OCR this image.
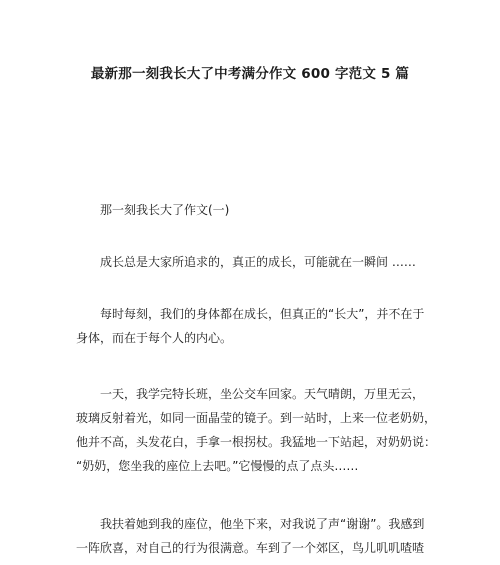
最新那一刻我长大了中考满分作文 600 字范文 5 篇
那一刻我长大了作文(一)
成长总是大家所追求的，真正的成长，可能就在一瞬间 ……
每时每刻，我们的身体都在成长，但真正的“长大”，并不在于
身体，而在于每个人的内心。
一天，我学完特长班，坐公交车回家。天气晴朗，万里无云，
玻璃反射着光，如同一面晶莹的镜子。到一站时，上来一位老奶奶，
他并不高，头发花白，手拿一根拐杖。我猛地一下站起，对奶奶说：
“奶奶，您坐我的座位上去吧。”它慢慢的点了点头……
我扶着她到我的座位，他坐下来，对我说了声“谢谢”。我感到
一阵欣喜，对自己的行为很满意。车到了一个郊区，鸟儿叽叽喳喳
